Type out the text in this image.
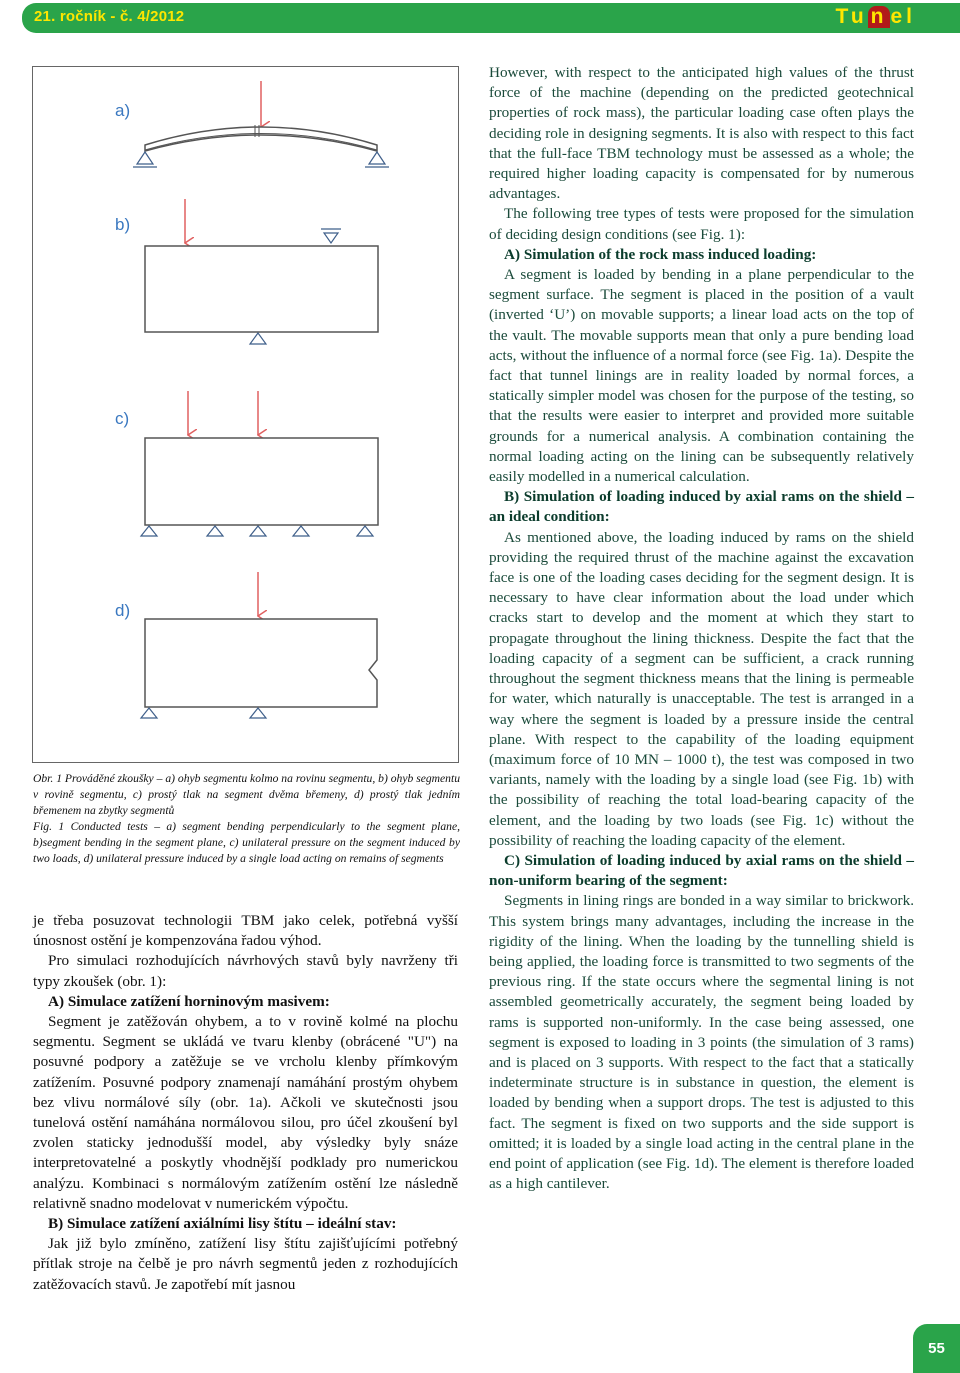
21. ročník - č. 4/2012	Tu n el
a)
b)
c)
d)

Obr. 1 Prováděné zkoušky – a) ohyb segmentu kolmo na rovinu segmentu, b) ohyb segmentu v rovině segmentu, c) prostý tlak na segment dvěma břemeny, d) prostý tlak jedním břemenem na zbytky segmentů

Fig. 1 Conducted tests – a) segment bending perpendicularly to the segment plane, b)segment bending in the segment plane, c) unilateral pressure on the segment induced by two loads, d) unilateral pressure induced by a single load acting on remains of segments

je třeba posuzovat technologii TBM jako celek, potřebná vyšší únosnost ostění je kompenzována řadou výhod.

Pro simulaci rozhodujících návrhových stavů byly navrženy tři typy zkoušek (obr. 1):

A) Simulace zatížení horninovým masivem:

Segment je zatěžován ohybem, a to v rovině kolmé na plochu segmentu. Segment se ukládá ve tvaru klenby (obrácené "U") na posuvné podpory a zatěžuje se ve vrcholu klenby přímkovým zatížením. Posuvné podpory znamenají namáhání prostým ohybem bez vlivu normálové síly (obr. 1a). Ačkoli ve skutečnosti jsou tunelová ostění namáhána normálovou silou, pro účel zkoušení byl zvolen staticky jednodušší model, aby výsledky byly snáze interpretovatelné a poskytly vhodnější podklady pro numerickou analýzu. Kombinaci s normálovým zatížením ostění lze následně relativně snadno modelovat v numerickém výpočtu.

B) Simulace zatížení axiálními lisy štítu – ideální stav:

Jak již bylo zmíněno, zatížení lisy štítu zajišťujícími potřebný přítlak stroje na čelbě je pro návrh segmentů jeden z rozhodujících zatěžovacích stavů. Je zapotřebí mít jasnou

However, with respect to the anticipated high values of the thrust force of the machine (depending on the predicted geotechnical properties of rock mass), the particular loading case often plays the deciding role in designing segments. It is also with respect to this fact that the full-face TBM technology must be assessed as a whole; the required higher loading capacity is compensated for by numerous advantages.

The following tree types of tests were proposed for the simulation of deciding design conditions (see Fig. 1):

A) Simulation of the rock mass induced loading:

A segment is loaded by bending in a plane perpendicular to the segment surface. The segment is placed in the position of a vault (inverted ‘U’) on movable supports; a linear load acts on the top of the vault. The movable supports mean that only a pure bending load acts, without the influence of a normal force (see Fig. 1a). Despite the fact that tunnel linings are in reality loaded by normal forces, a statically simpler model was chosen for the purpose of the testing, so that the results were easier to interpret and provided more suitable grounds for a numerical analysis. A combination containing the normal loading acting on the lining can be subsequently relatively easily modelled in a numerical calculation.

B) Simulation of loading induced by axial rams on the shield – an ideal condition:

As mentioned above, the loading induced by rams on the shield providing the required thrust of the machine against the excavation face is one of the loading cases deciding for the segment design. It is necessary to have clear information about the load under which cracks start to develop and the moment at which they start to propagate throughout the lining thickness. Despite the fact that the loading capacity of a segment can be sufficient, a crack running throughout the segment thickness means that the lining is permeable for water, which naturally is unacceptable. The test is arranged in a way where the segment is loaded by a pressure inside the central plane. With respect to the capability of the loading equipment (maximum force of 10 MN – 1000 t), the test was composed in two variants, namely with the loading by a single load (see Fig. 1b) with the possibility of reaching the total load-bearing capacity of the element, and the loading by two loads (see Fig. 1c) without the possibility of reaching the loading capacity of the element.

C) Simulation of loading induced by axial rams on the shield – non-uniform bearing of the segment:

Segments in lining rings are bonded in a way similar to brickwork. This system brings many advantages, including the increase in the rigidity of the lining. When the loading by the tunnelling shield is being applied, the loading force is transmitted to two segments of the previous ring. If the state occurs where the segmental lining is not assembled geometrically accurately, the segment being loaded by rams is supported non-uniformly. In the case being assessed, one segment is exposed to loading in 3 points (the simulation of 3 rams) and is placed on 3 supports. With respect to the fact that a statically indeterminate structure is in substance in question, the element is loaded by bending when a support drops. The test is adjusted to this fact. The segment is fixed on two supports and the side support is omitted; it is loaded by a single load acting in the central plane in the end point of application (see Fig. 1d). The element is therefore loaded as a high cantilever.

55
